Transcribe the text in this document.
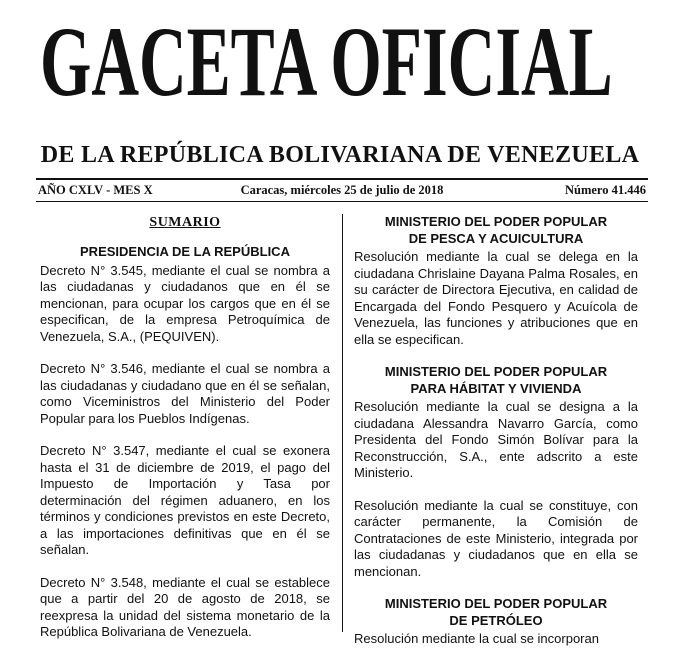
GACETA OFICIAL
DE LA REPÚBLICA BOLIVARIANA DE VENEZUELA
AÑO CXLV - MES X	Caracas, miércoles 25 de julio de 2018	Número 41.446
SUMARIO
PRESIDENCIA DE LA REPÚBLICA
Decreto N° 3.545, mediante el cual se nombra a las ciudadanas y ciudadanos que en él se mencionan, para ocupar los cargos que en él se especifican, de la empresa Petroquímica de Venezuela, S.A., (PEQUIVEN).
Decreto N° 3.546, mediante el cual se nombra a las ciudadanas y ciudadano que en él se señalan, como Viceministros del Ministerio del Poder Popular para los Pueblos Indígenas.
Decreto N° 3.547, mediante el cual se exonera hasta el 31 de diciembre de 2019, el pago del Impuesto de Importación y Tasa por determinación del régimen aduanero, en los términos y condiciones previstos en este Decreto, a las importaciones definitivas que en él se señalan.
Decreto N° 3.548, mediante el cual se establece que a partir del 20 de agosto de 2018, se reexpresa la unidad del sistema monetario de la República Bolivariana de Venezuela.
MINISTERIO DEL PODER POPULAR
DE PESCA Y ACUICULTURA
Resolución mediante la cual se delega en la ciudadana Chrislaine Dayana Palma Rosales, en su carácter de Directora Ejecutiva, en calidad de Encargada del Fondo Pesquero y Acuícola de Venezuela, las funciones y atribuciones que en ella se especifican.
MINISTERIO DEL PODER POPULAR
PARA HÁBITAT Y VIVIENDA
Resolución mediante la cual se designa a la ciudadana Alessandra Navarro García, como Presidenta del Fondo Simón Bolívar para la Reconstrucción, S.A., ente adscrito a este Ministerio.
Resolución mediante la cual se constituye, con carácter permanente, la Comisión de Contrataciones de este Ministerio, integrada por las ciudadanas y ciudadanos que en ella se mencionan.
MINISTERIO DEL PODER POPULAR
DE PETRÓLEO
Resolución mediante la cual se incorporan
